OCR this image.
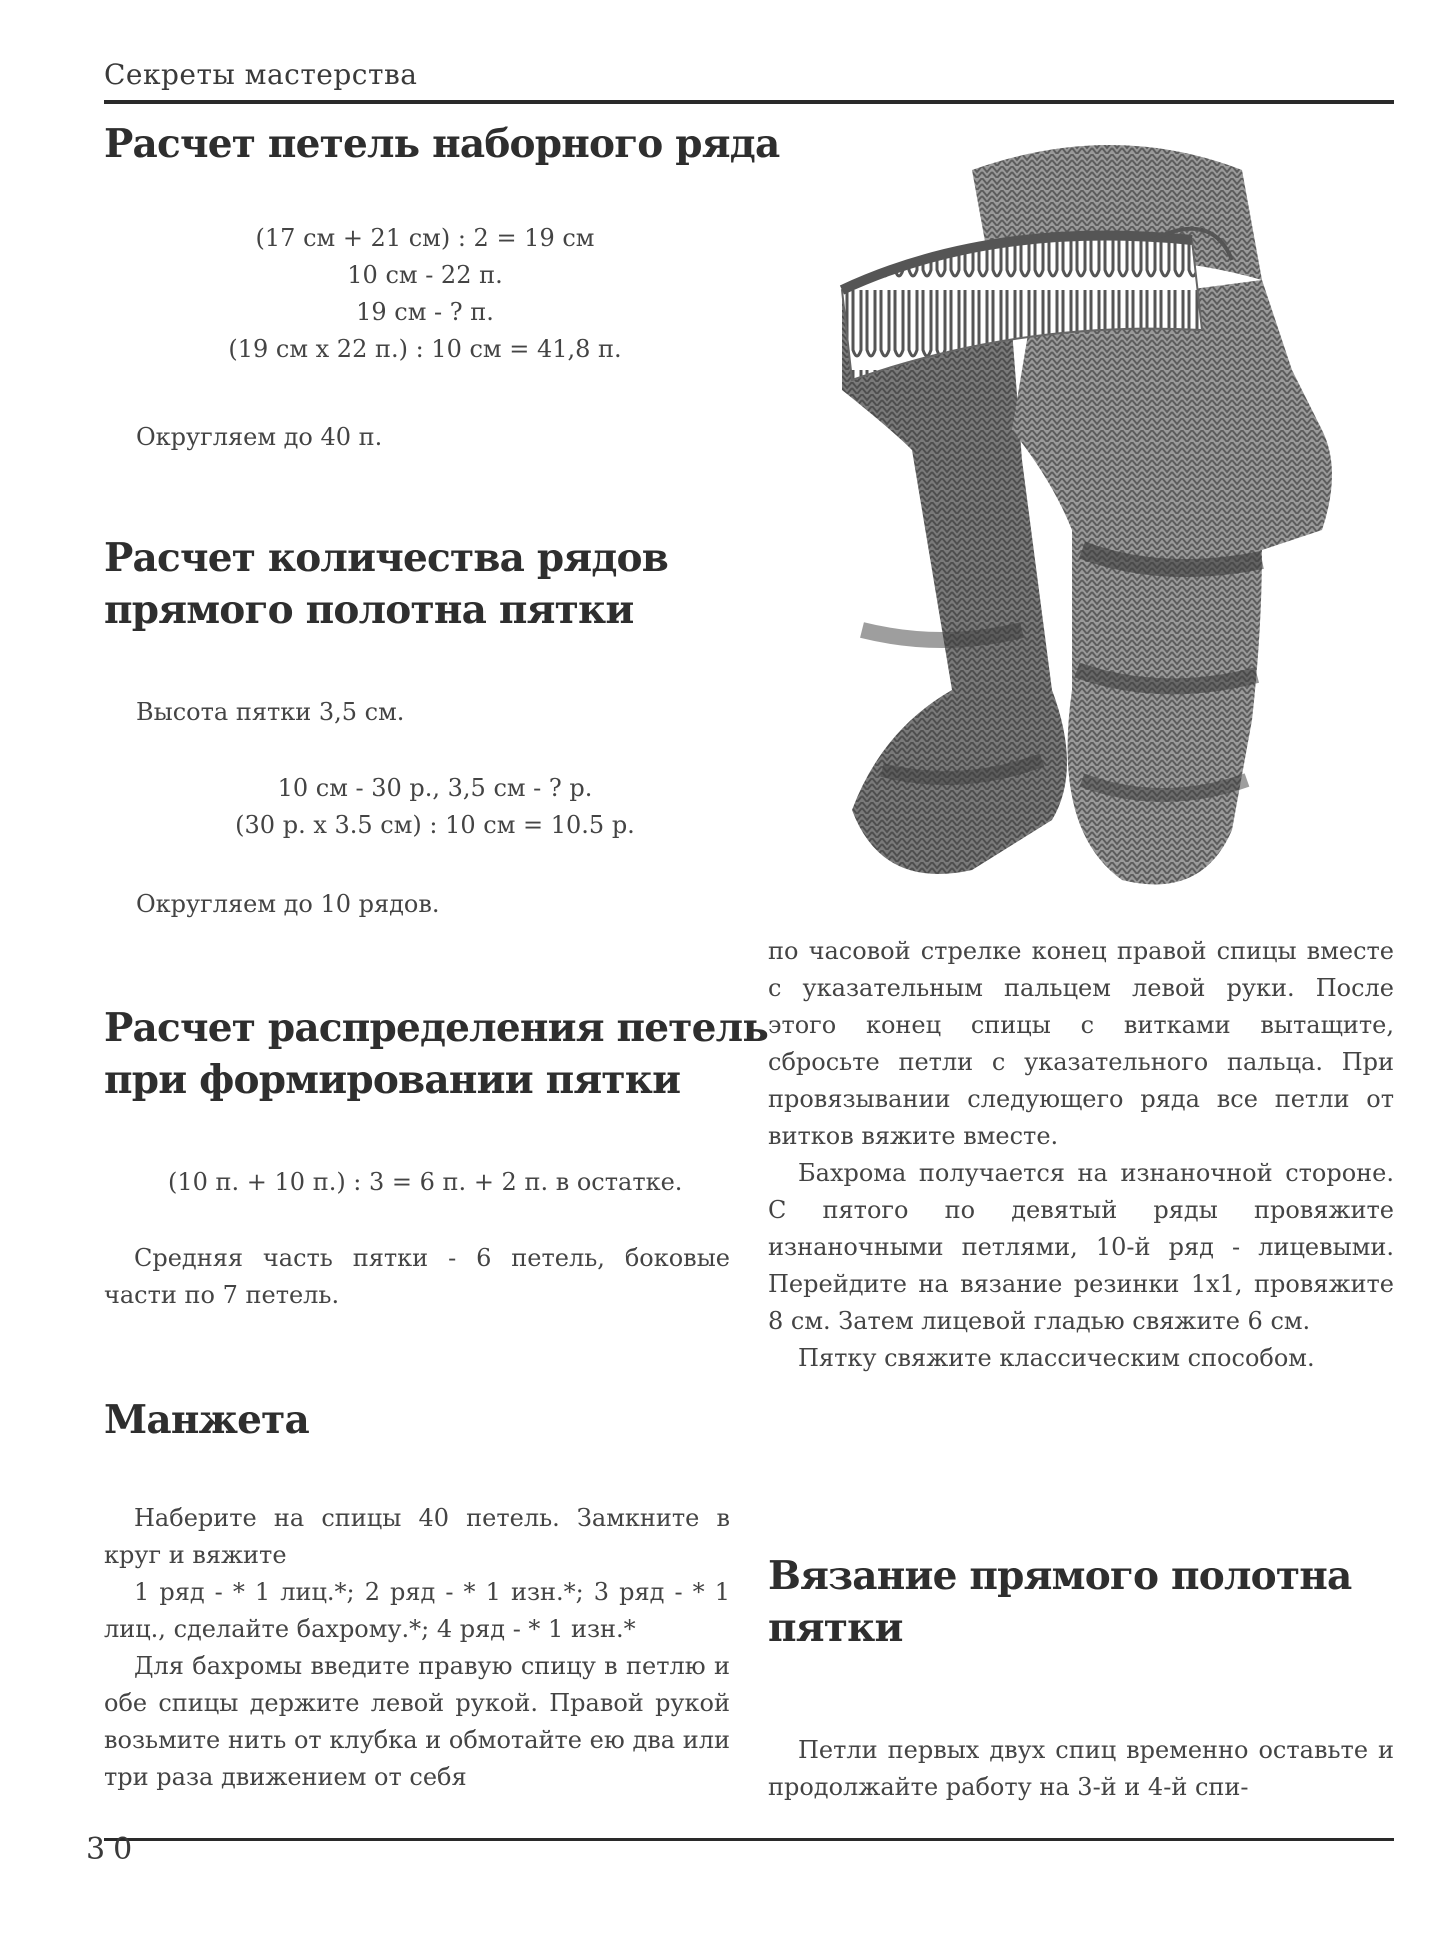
Секреты мастерства
Расчет петель наборного ряда
(17 см + 21 см) : 2 = 19 см
10 см - 22 п.
19 см - ? п.
(19 см х 22 п.) : 10 см = 41,8 п.
Округляем до 40 п.
Расчет количества рядов
прямого полотна пятки
Высота пятки 3,5 см.
10 см - 30 р., 3,5 см - ? р.
(30 р. х 3.5 см) : 10 см = 10.5 р.
Округляем до 10 рядов.
Расчет распределения петель
при формировании пятки
(10 п. + 10 п.) : 3 = 6 п. + 2 п. в остатке.

Средняя часть пятки - 6 петель, боковые части по 7 петель.

Манжета

Наберите на спицы 40 петель. Замкните в круг и вяжите

1 ряд - * 1 лиц.*; 2 ряд - * 1 изн.*; 3 ряд - * 1 лиц., сделайте бахрому.*; 4 ряд - * 1 изн.*

Для бахромы введите правую спицу в петлю и обе спицы держите левой рукой. Правой рукой возьмите нить от клубка и обмотайте ею два или три раза движением от себя

по часовой стрелке конец правой спицы вместе с указательным пальцем левой руки. После этого конец спицы с витками вытащите, сбросьте петли с указательного пальца. При провязывании следующего ряда все петли от витков вяжите вместе.

Бахрома получается на изнаночной стороне. С пятого по девятый ряды провяжите изнаночными петлями, 10-й ряд - лицевыми. Перейдите на вязание резинки 1х1, провяжите 8 см. Затем лицевой гладью свяжите 6 см.

Пятку свяжите классическим способом.

Вязание прямого полотна
пятки

Петли первых двух спиц временно оставьте и продолжайте работу на 3-й и 4-й спи-

30
